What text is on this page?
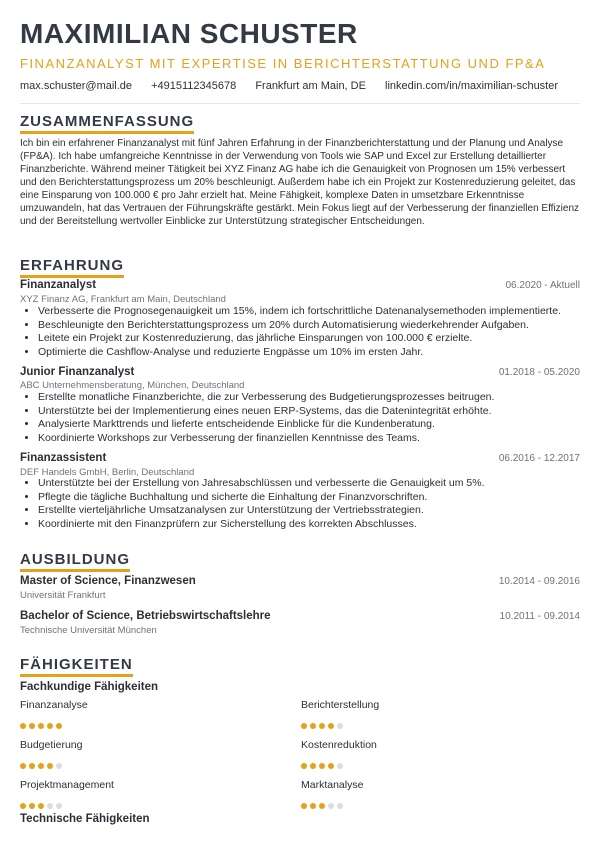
MAXIMILIAN SCHUSTER
FINANZANALYST MIT EXPERTISE IN BERICHTERSTATTUNG UND FP&A
max.schuster@mail.de +4915112345678 Frankfurt am Main, DE linkedin.com/in/maximilian-schuster
ZUSAMMENFASSUNG
Ich bin ein erfahrener Finanzanalyst mit fünf Jahren Erfahrung in der Finanzberichterstattung und der Planung und Analyse (FP&A). Ich habe umfangreiche Kenntnisse in der Verwendung von Tools wie SAP und Excel zur Erstellung detaillierter Finanzberichte. Während meiner Tätigkeit bei XYZ Finanz AG habe ich die Genauigkeit von Prognosen um 15% verbessert und den Berichterstattungsprozess um 20% beschleunigt. Außerdem habe ich ein Projekt zur Kostenreduzierung geleitet, das eine Einsparung von 100.000 € pro Jahr erzielt hat. Meine Fähigkeit, komplexe Daten in umsetzbare Erkenntnisse umzuwandeln, hat das Vertrauen der Führungskräfte gestärkt. Mein Fokus liegt auf der Verbesserung der finanziellen Effizienz und der Bereitstellung wertvoller Einblicke zur Unterstützung strategischer Entscheidungen.
ERFAHRUNG
Finanzanalyst	06.2020 - Aktuell
XYZ Finanz AG, Frankfurt am Main, Deutschland
• Verbesserte die Prognosegenauigkeit um 15%, indem ich fortschrittliche Datenanalysemethoden implementierte.
• Beschleunigte den Berichterstattungsprozess um 20% durch Automatisierung wiederkehrender Aufgaben.
• Leitete ein Projekt zur Kostenreduzierung, das jährliche Einsparungen von 100.000 € erzielte.
• Optimierte die Cashflow-Analyse und reduzierte Engpässe um 10% im ersten Jahr.
Junior Finanzanalyst	01.2018 - 05.2020
ABC Unternehmensberatung, München, Deutschland
• Erstellte monatliche Finanzberichte, die zur Verbesserung des Budgetierungsprozesses beitrugen.
• Unterstützte bei der Implementierung eines neuen ERP-Systems, das die Datenintegrität erhöhte.
• Analysierte Markttrends und lieferte entscheidende Einblicke für die Kundenberatung.
• Koordinierte Workshops zur Verbesserung der finanziellen Kenntnisse des Teams.
Finanzassistent	06.2016 - 12.2017
DEF Handels GmbH, Berlin, Deutschland
• Unterstützte bei der Erstellung von Jahresabschlüssen und verbesserte die Genauigkeit um 5%.
• Pflegte die tägliche Buchhaltung und sicherte die Einhaltung der Finanzvorschriften.
• Erstellte vierteljährliche Umsatzanalysen zur Unterstützung der Vertriebsstrategien.
• Koordinierte mit den Finanzprüfern zur Sicherstellung des korrekten Abschlusses.
AUSBILDUNG
Master of Science, Finanzwesen	10.2014 - 09.2016
Universität Frankfurt
Bachelor of Science, Betriebswirtschaftslehre	10.2011 - 09.2014
Technische Universität München
FÄHIGKEITEN
Fachkundige Fähigkeiten
Finanzanalyse	Berichterstellung
Budgetierung	Kostenreduktion
Projektmanagement	Marktanalyse
Technische Fähigkeiten
